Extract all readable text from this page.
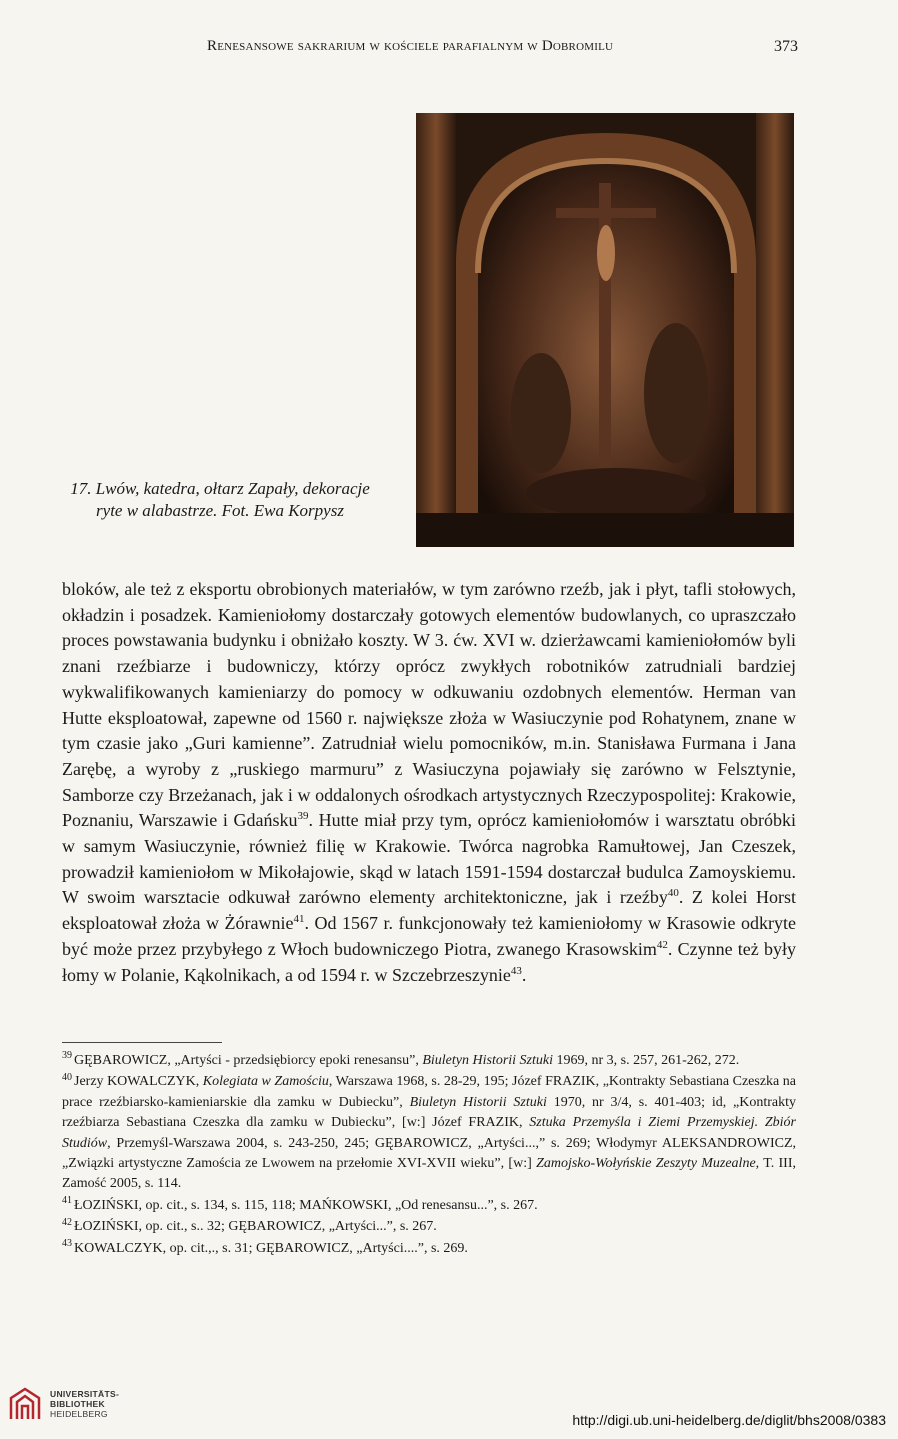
Renesansowe sakrarium w kościele parafialnym w Dobromilu	373
17. Lwów, katedra, ołtarz Zapały, dekoracje ryte w alabastrze. Fot. Ewa Korpysz

bloków, ale też z eksportu obrobionych materiałów, w tym zarówno rzeźb, jak i płyt, tafli stołowych, okładzin i posadzek. Kamieniołomy dostarczały gotowych elementów budowlanych, co upraszczało proces powstawania budynku i obniżało koszty. W 3. ćw. XVI w. dzierżawcami kamieniołomów byli znani rzeźbiarze i budowniczy, którzy oprócz zwykłych robotników zatrudniali bardziej wykwalifikowanych kamieniarzy do pomocy w odkuwaniu ozdobnych elementów. Herman van Hutte eksploatował, zapewne od 1560 r. największe złoża w Wasiuczynie pod Rohatynem, znane w tym czasie jako „Guri kamienne”. Zatrudniał wielu pomocników, m.in. Stanisława Furmana i Jana Zarębę, a wyroby z „ruskiego marmuru” z Wasiuczyna pojawiały się zarówno w Felsztynie, Samborze czy Brzeżanach, jak i w oddalonych ośrodkach artystycznych Rzeczypospolitej: Krakowie, Poznaniu, Warszawie i Gdańsku$^{39}$. Hutte miał przy tym, oprócz kamieniołomów i warsztatu obróbki w samym Wasiuczynie, również filię w Krakowie. Twórca nagrobka Ramułtowej, Jan Czeszek, prowadził kamieniołom w Mikołajowie, skąd w latach 1591-1594 dostarczał budulca Zamoyskiemu. W swoim warsztacie odkuwał zarówno elementy architektoniczne, jak i rzeźby$^{40}$. Z kolei Horst eksploatował złoża w Żórawnie$^{41}$. Od 1567 r. funkcjonowały też kamieniołomy w Krasowie odkryte być może przez przybyłego z Włoch budowniczego Piotra, zwanego Krasowskim$^{42}$. Czynne też były łomy w Polanie, Kąkolnikach, a od 1594 r. w Szczebrzeszynie$^{43}$.

$^{39}$ GĘBAROWICZ, „Artyści - przedsiębiorcy epoki renesansu”, Biuletyn Historii Sztuki 1969, nr 3, s. 257, 261-262, 272.

$^{40}$ Jerzy KOWALCZYK, Kolegiata w Zamościu, Warszawa 1968, s. 28-29, 195; Józef FRAZIK, „Kontrakty Sebastiana Czeszka na prace rzeźbiarsko-kamieniarskie dla zamku w Dubiecku”, Biuletyn Historii Sztuki 1970, nr 3/4, s. 401-403; id, „Kontrakty rzeźbiarza Sebastiana Czeszka dla zamku w Dubiecku”, [w:] Józef FRAZIK, Sztuka Przemyśla i Ziemi Przemyskiej. Zbiór Studiów, Przemyśl-Warszawa 2004, s. 243-250, 245; GĘBAROWICZ, „Artyści...,” s. 269; Włodymyr ALEKSANDROWICZ, „Związki artystyczne Zamościa ze Lwowem na przełomie XVI-XVII wieku”, [w:] Zamojsko-Wołyńskie Zeszyty Muzealne, T. III, Zamość 2005, s. 114.

$^{41}$ ŁOZIŃSKI, op. cit., s. 134, s. 115, 118; MAŃKOWSKI, „Od renesansu...”, s. 267.

$^{42}$ ŁOZIŃSKI, op. cit., s.. 32; GĘBAROWICZ, „Artyści...”, s. 267.

$^{43}$ KOWALCZYK, op. cit.,., s. 31; GĘBAROWICZ, „Artyści....”, s. 269.

UNIVERSITÄTS-
BIBLIOTHEK
HEIDELBERG	http://digi.ub.uni-heidelberg.de/diglit/bhs2008/0383
